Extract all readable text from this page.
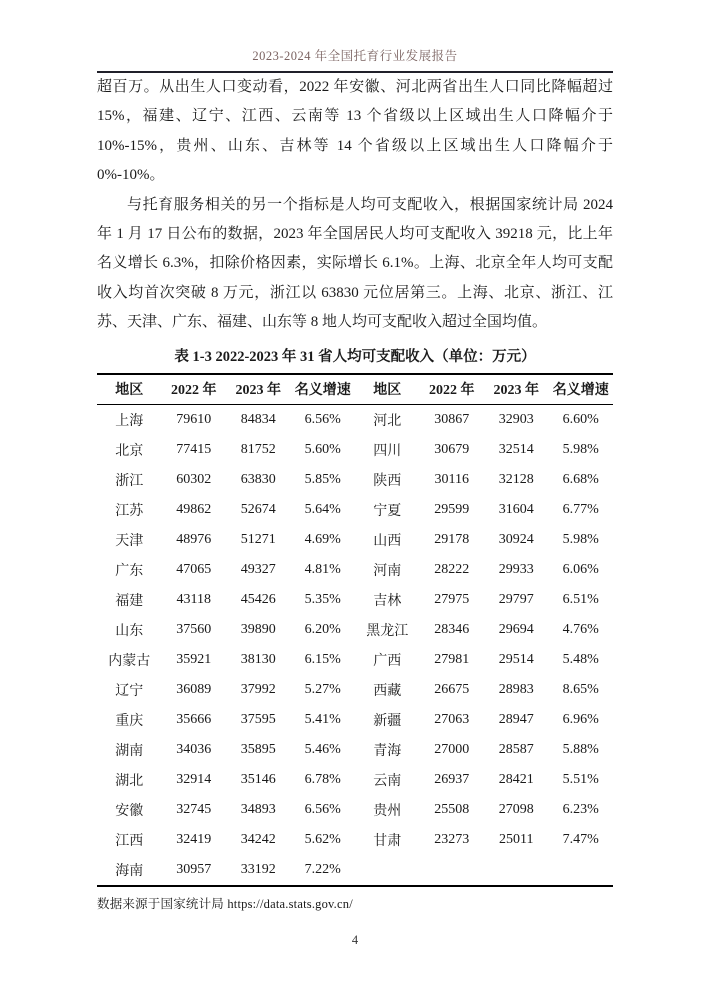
2023-2024 年全国托育行业发展报告

超百万。从出生人口变动看，2022 年安徽、河北两省出生人口同比降幅超过 15%，福建、辽宁、江西、云南等 13 个省级以上区域出生人口降幅介于 10%-15%，贵州、山东、吉林等 14 个省级以上区域出生人口降幅介于 0%-10%。

与托育服务相关的另一个指标是人均可支配收入，根据国家统计局 2024 年 1 月 17 日公布的数据，2023 年全国居民人均可支配收入 39218 元，比上年名义增长 6.3%，扣除价格因素，实际增长 6.1%。上海、北京全年人均可支配收入均首次突破 8 万元，浙江以 63830 元位居第三。上海、北京、浙江、江苏、天津、广东、福建、山东等 8 地人均可支配收入超过全国均值。

表 1-3 2022-2023 年 31 省人均可支配收入（单位：万元）
地区	2022 年	2023 年	名义增速	地区	2022 年	2023 年	名义增速
上海	79610	84834	6.56%	河北	30867	32903	6.60%
北京	77415	81752	5.60%	四川	30679	32514	5.98%
浙江	60302	63830	5.85%	陕西	30116	32128	6.68%
江苏	49862	52674	5.64%	宁夏	29599	31604	6.77%
天津	48976	51271	4.69%	山西	29178	30924	5.98%
广东	47065	49327	4.81%	河南	28222	29933	6.06%
福建	43118	45426	5.35%	吉林	27975	29797	6.51%
山东	37560	39890	6.20%	黑龙江	28346	29694	4.76%
内蒙古	35921	38130	6.15%	广西	27981	29514	5.48%
辽宁	36089	37992	5.27%	西藏	26675	28983	8.65%
重庆	35666	37595	5.41%	新疆	27063	28947	6.96%
湖南	34036	35895	5.46%	青海	27000	28587	5.88%
湖北	32914	35146	6.78%	云南	26937	28421	5.51%
安徽	32745	34893	6.56%	贵州	25508	27098	6.23%
江西	32419	34242	5.62%	甘肃	23273	25011	7.47%
海南	30957	33192	7.22%				
数据来源于国家统计局 https://data.stats.gov.cn/
4
